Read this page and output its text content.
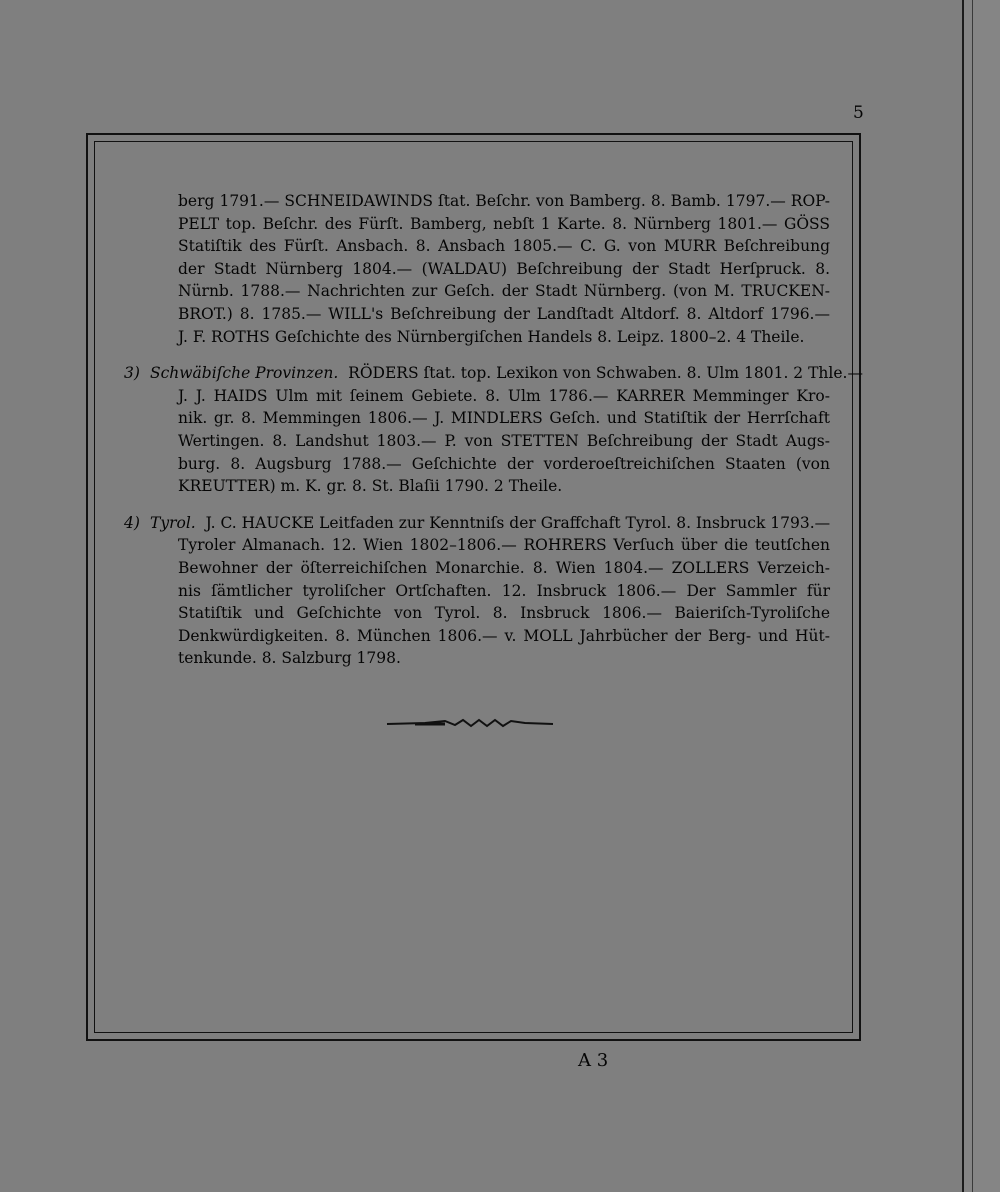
5
berg 1791.— SCHNEIDAWINDS ſtat. Beſchr. von Bamberg. 8. Bamb. 1797.— ROP-
PELT top. Beſchr. des Fürſt. Bamberg, nebſt 1 Karte. 8. Nürnberg 1801.— GÖSS
Statiſtik des Fürſt. Ansbach. 8. Ansbach 1805.— C. G. von MURR Beſchreibung
der Stadt Nürnberg 1804.— (WALDAU) Beſchreibung der Stadt Herſpruck. 8.
Nürnb. 1788.— Nachrichten zur Geſch. der Stadt Nürnberg. (von M. TRUCKEN-
BROT.) 8. 1785.— WILL's Beſchreibung der Landſtadt Altdorf. 8. Altdorf 1796.—
J. F. ROTHS Geſchichte des Nürnbergiſchen Handels 8. Leipz. 1800–2. 4 Theile.
3) Schwäbiſche Provinzen. RÖDERS ſtat. top. Lexikon von Schwaben. 8. Ulm 1801. 2 Thle.—
J. J. HAIDS Ulm mit ſeinem Gebiete. 8. Ulm 1786.— KARRER Memminger Kro-
nik. gr. 8. Memmingen 1806.— J. MINDLERS Geſch. und Statiſtik der Herrſchaft
Wertingen. 8. Landshut 1803.— P. von STETTEN Beſchreibung der Stadt Augs-
burg. 8. Augsburg 1788.— Geſchichte der vorderoeſtreichiſchen Staaten (von
KREUTTER) m. K. gr. 8. St. Blaſii 1790. 2 Theile.
4) Tyrol. J. C. HAUCKE Leitfaden zur Kenntniſs der Graffchaft Tyrol. 8. Insbruck 1793.—
Tyroler Almanach. 12. Wien 1802–1806.— ROHRERS Verſuch über die teutſchen
Bewohner der öſterreichiſchen Monarchie. 8. Wien 1804.— ZOLLERS Verzeich-
nis ſämtlicher tyroliſcher Ortſchaften. 12. Insbruck 1806.— Der Sammler für
Statiſtik und Geſchichte von Tyrol. 8. Insbruck 1806.— Baieriſch-Tyroliſche
Denkwürdigkeiten. 8. München 1806.— v. MOLL Jahrbücher der Berg- und Hüt-
tenkunde. 8. Salzburg 1798.
A 3
